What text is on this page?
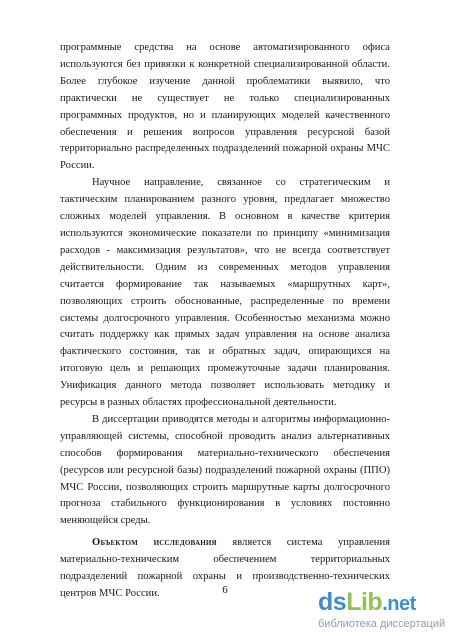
программные средства на основе автоматизированного офиса используются без привязки к конкретной специализированной области. Более глубокое изучение данной проблематики выявило, что практически не существует не только специализированных программных продуктов, но и планирующих моделей качественного обеспечения и решения вопросов управления ресурсной базой территориально распределенных подразделений пожарной охраны МЧС России.

Научное направление, связанное со стратегическим и тактическим планированием разного уровня, предлагает множество сложных моделей управления. В основном в качестве критерия используются экономические показатели по принципу «минимизация расходов - максимизация результатов», что не всегда соответствует действительности. Одним из современных методов управления считается формирование так называемых «маршрутных карт», позволяющих строить обоснованные, распределенные по времени системы долгосрочного управления. Особенностью механизма можно считать поддержку как прямых задач управления на основе анализа фактического состояния, так и обратных задач, опирающихся на итоговую цель и решающих промежуточные задачи планирования. Унификация данного метода позволяет использовать методику и ресурсы в разных областях профессиональной деятельности.

В диссертации приводятся методы и алгоритмы информационно-управляющей системы, способной проводить анализ альтернативных способов формирования материально-технического обеспечения (ресурсов или ресурсной базы) подразделений пожарной охраны (ППО) МЧС России, позволяющих строить маршрутные карты долгосрочного прогноза стабильного функционирования в условиях постоянно меняющейся среды.

Объектом исследования является система управления материально-техническим обеспечением территориальных подразделений пожарной охраны и производственно-технических центров МЧС России.	6	dsLib.net
библиотека диссертаций
